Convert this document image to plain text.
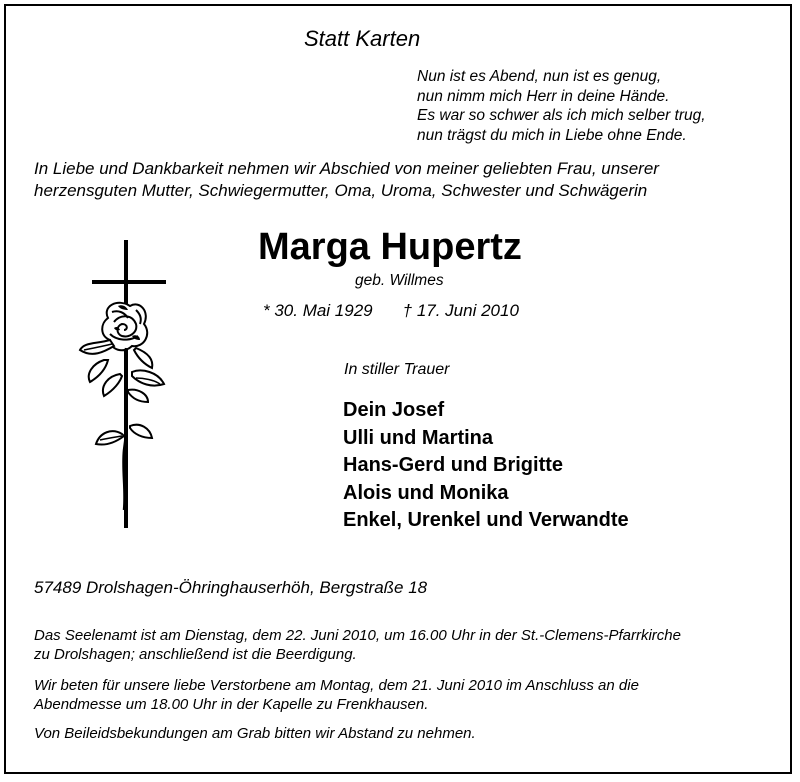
Statt Karten
Nun ist es Abend, nun ist es genug,
nun nimm mich Herr in deine Hände.
Es war so schwer als ich mich selber trug,
nun trägst du mich in Liebe ohne Ende.
In Liebe und Dankbarkeit nehmen wir Abschied von meiner geliebten Frau, unserer
herzensguten Mutter, Schwiegermutter, Oma, Uroma, Schwester und Schwägerin
Marga Hupertz
geb. Willmes
* 30. Mai 1929 † 17. Juni 2010
In stiller Trauer
Dein Josef
Ulli und Martina
Hans-Gerd und Brigitte
Alois und Monika
Enkel, Urenkel und Verwandte
57489 Drolshagen-Öhringhauserhöh, Bergstraße 18
Das Seelenamt ist am Dienstag, dem 22. Juni 2010, um 16.00 Uhr in der St.-Clemens-Pfarrkirche
zu Drolshagen; anschließend ist die Beerdigung.
Wir beten für unsere liebe Verstorbene am Montag, dem 21. Juni 2010 im Anschluss an die
Abendmesse um 18.00 Uhr in der Kapelle zu Frenkhausen.
Von Beileidsbekundungen am Grab bitten wir Abstand zu nehmen.
